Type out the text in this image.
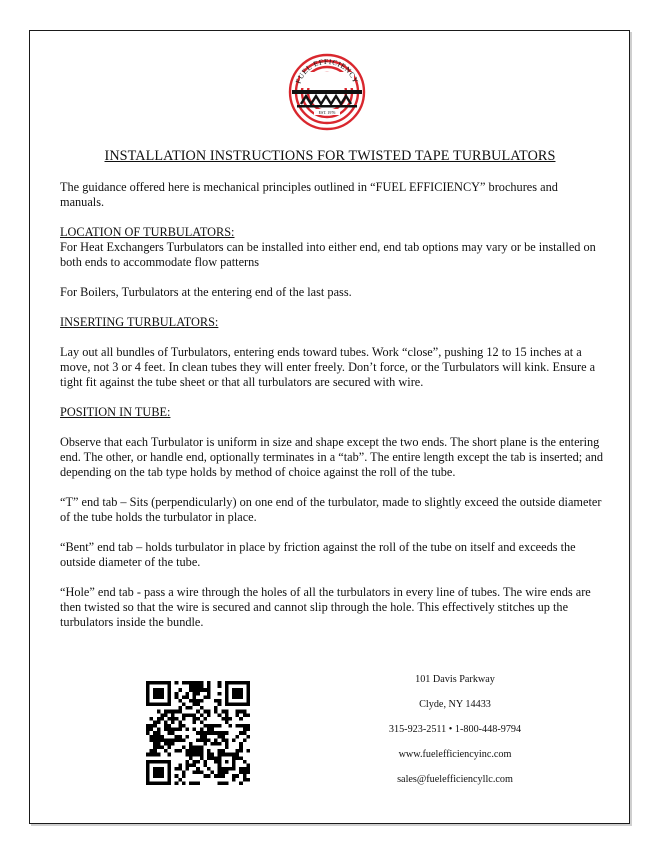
FUEL EFFICIENCY
EST. 1976
INSTALLATION INSTRUCTIONS FOR TWISTED TAPE TURBULATORS

The guidance offered here is mechanical principles outlined in “FUEL EFFICIENCY” brochures and manuals.

LOCATION OF TURBULATORS:

For Heat Exchangers Turbulators can be installed into either end, end tab options may vary or be installed on both ends to accommodate flow patterns

For Boilers, Turbulators at the entering end of the last pass.

INSERTING TURBULATORS:

Lay out all bundles of Turbulators, entering ends toward tubes. Work “close”, pushing 12 to 15 inches at a move, not 3 or 4 feet. In clean tubes they will enter freely. Don’t force, or the Turbulators will kink. Ensure a tight fit against the tube sheet or that all turbulators are secured with wire.

POSITION IN TUBE:

Observe that each Turbulator is uniform in size and shape except the two ends. The short plane is the entering end. The other, or handle end, optionally terminates in a “tab”. The entire length except the tab is inserted; and depending on the tab type holds by method of choice against the roll of the tube.

“T” end tab – Sits (perpendicularly) on one end of the turbulator, made to slightly exceed the outside diameter of the tube holds the turbulator in place.

“Bent” end tab – holds turbulator in place by friction against the roll of the tube on itself and exceeds the outside diameter of the tube.

“Hole” end tab - pass a wire through the holes of all the turbulators in every line of tubes. The wire ends are then twisted so that the wire is secured and cannot slip through the hole. This effectively stitches up the turbulators inside the bundle.

101 Davis Parkway
Clyde, NY 14433
315-923-2511 • 1-800-448-9794
www.fuelefficiencyinc.com
sales@fuelefficiencyllc.com
